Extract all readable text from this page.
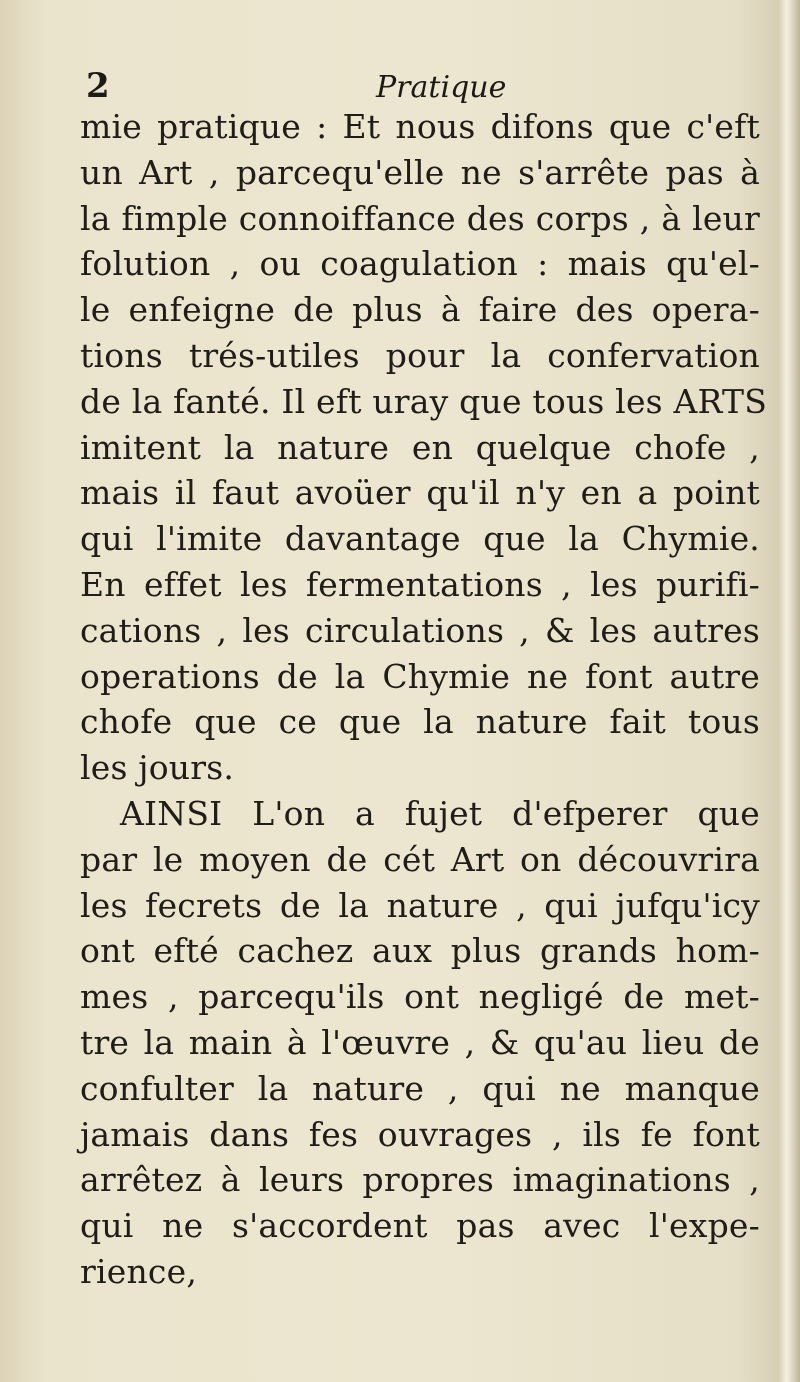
2	Pratique
mie pratique : Et nous difons que c'eft
un Art , parcequ'elle ne s'arrête pas à
la fimple connoiffance des corps , à leur
folution , ou coagulation : mais qu'el-
le enfeigne de plus à faire des opera-
tions trés-utiles pour la confervation
de la fanté. Il eft uray que tous les ARTS
imitent la nature en quelque chofe ,
mais il faut avoüer qu'il n'y en a point
qui l'imite davantage que la Chymie.
En effet les fermentations , les purifi-
cations , les circulations , & les autres
operations de la Chymie ne font autre
chofe que ce que la nature fait tous
les jours.
AINSI L'on a fujet d'efperer que
par le moyen de cét Art on découvrira
les fecrets de la nature , qui jufqu'icy
ont efté cachez aux plus grands hom-
mes , parcequ'ils ont negligé de met-
tre la main à l'œuvre , & qu'au lieu de
confulter la nature , qui ne manque
jamais dans fes ouvrages , ils fe font
arrêtez à leurs propres imaginations ,
qui ne s'accordent pas avec l'expe-
rience,
